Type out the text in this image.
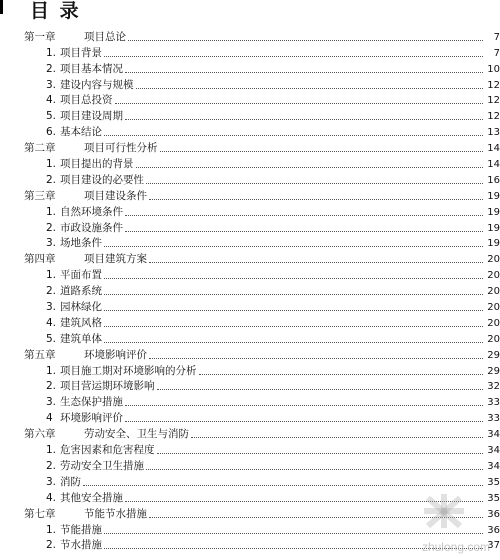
目 录
第一章	项目总论	7
1. 项目背景	7
2. 项目基本情况	10
3. 建设内容与规模	12
4. 项目总投资	12
5. 项目建设周期	12
6. 基本结论	13
第二章	项目可行性分析	14
1. 项目提出的背景	14
2. 项目建设的必要性	16
第三章	项目建设条件	19
1. 自然环境条件	19
2. 市政设施条件	19
3. 场地条件	19
第四章	项目建筑方案	20
1. 平面布置	20
2. 道路系统	20
3. 园林绿化	20
4. 建筑风格	20
5. 建筑单体	20
第五章	环境影响评价	29
1. 项目施工期对环境影响的分析	29
2. 项目营运期环境影响	32
3. 生态保护措施	33
4 环境影响评价	33
第六章	劳动安全、卫生与消防	34
1. 危害因素和危害程度	34
2. 劳动安全卫生措施	34
3. 消防	35
4. 其他安全措施	35
第七章	节能节水措施	36
1. 节能措施	36
2. 节水措施	37
zhulong.com
